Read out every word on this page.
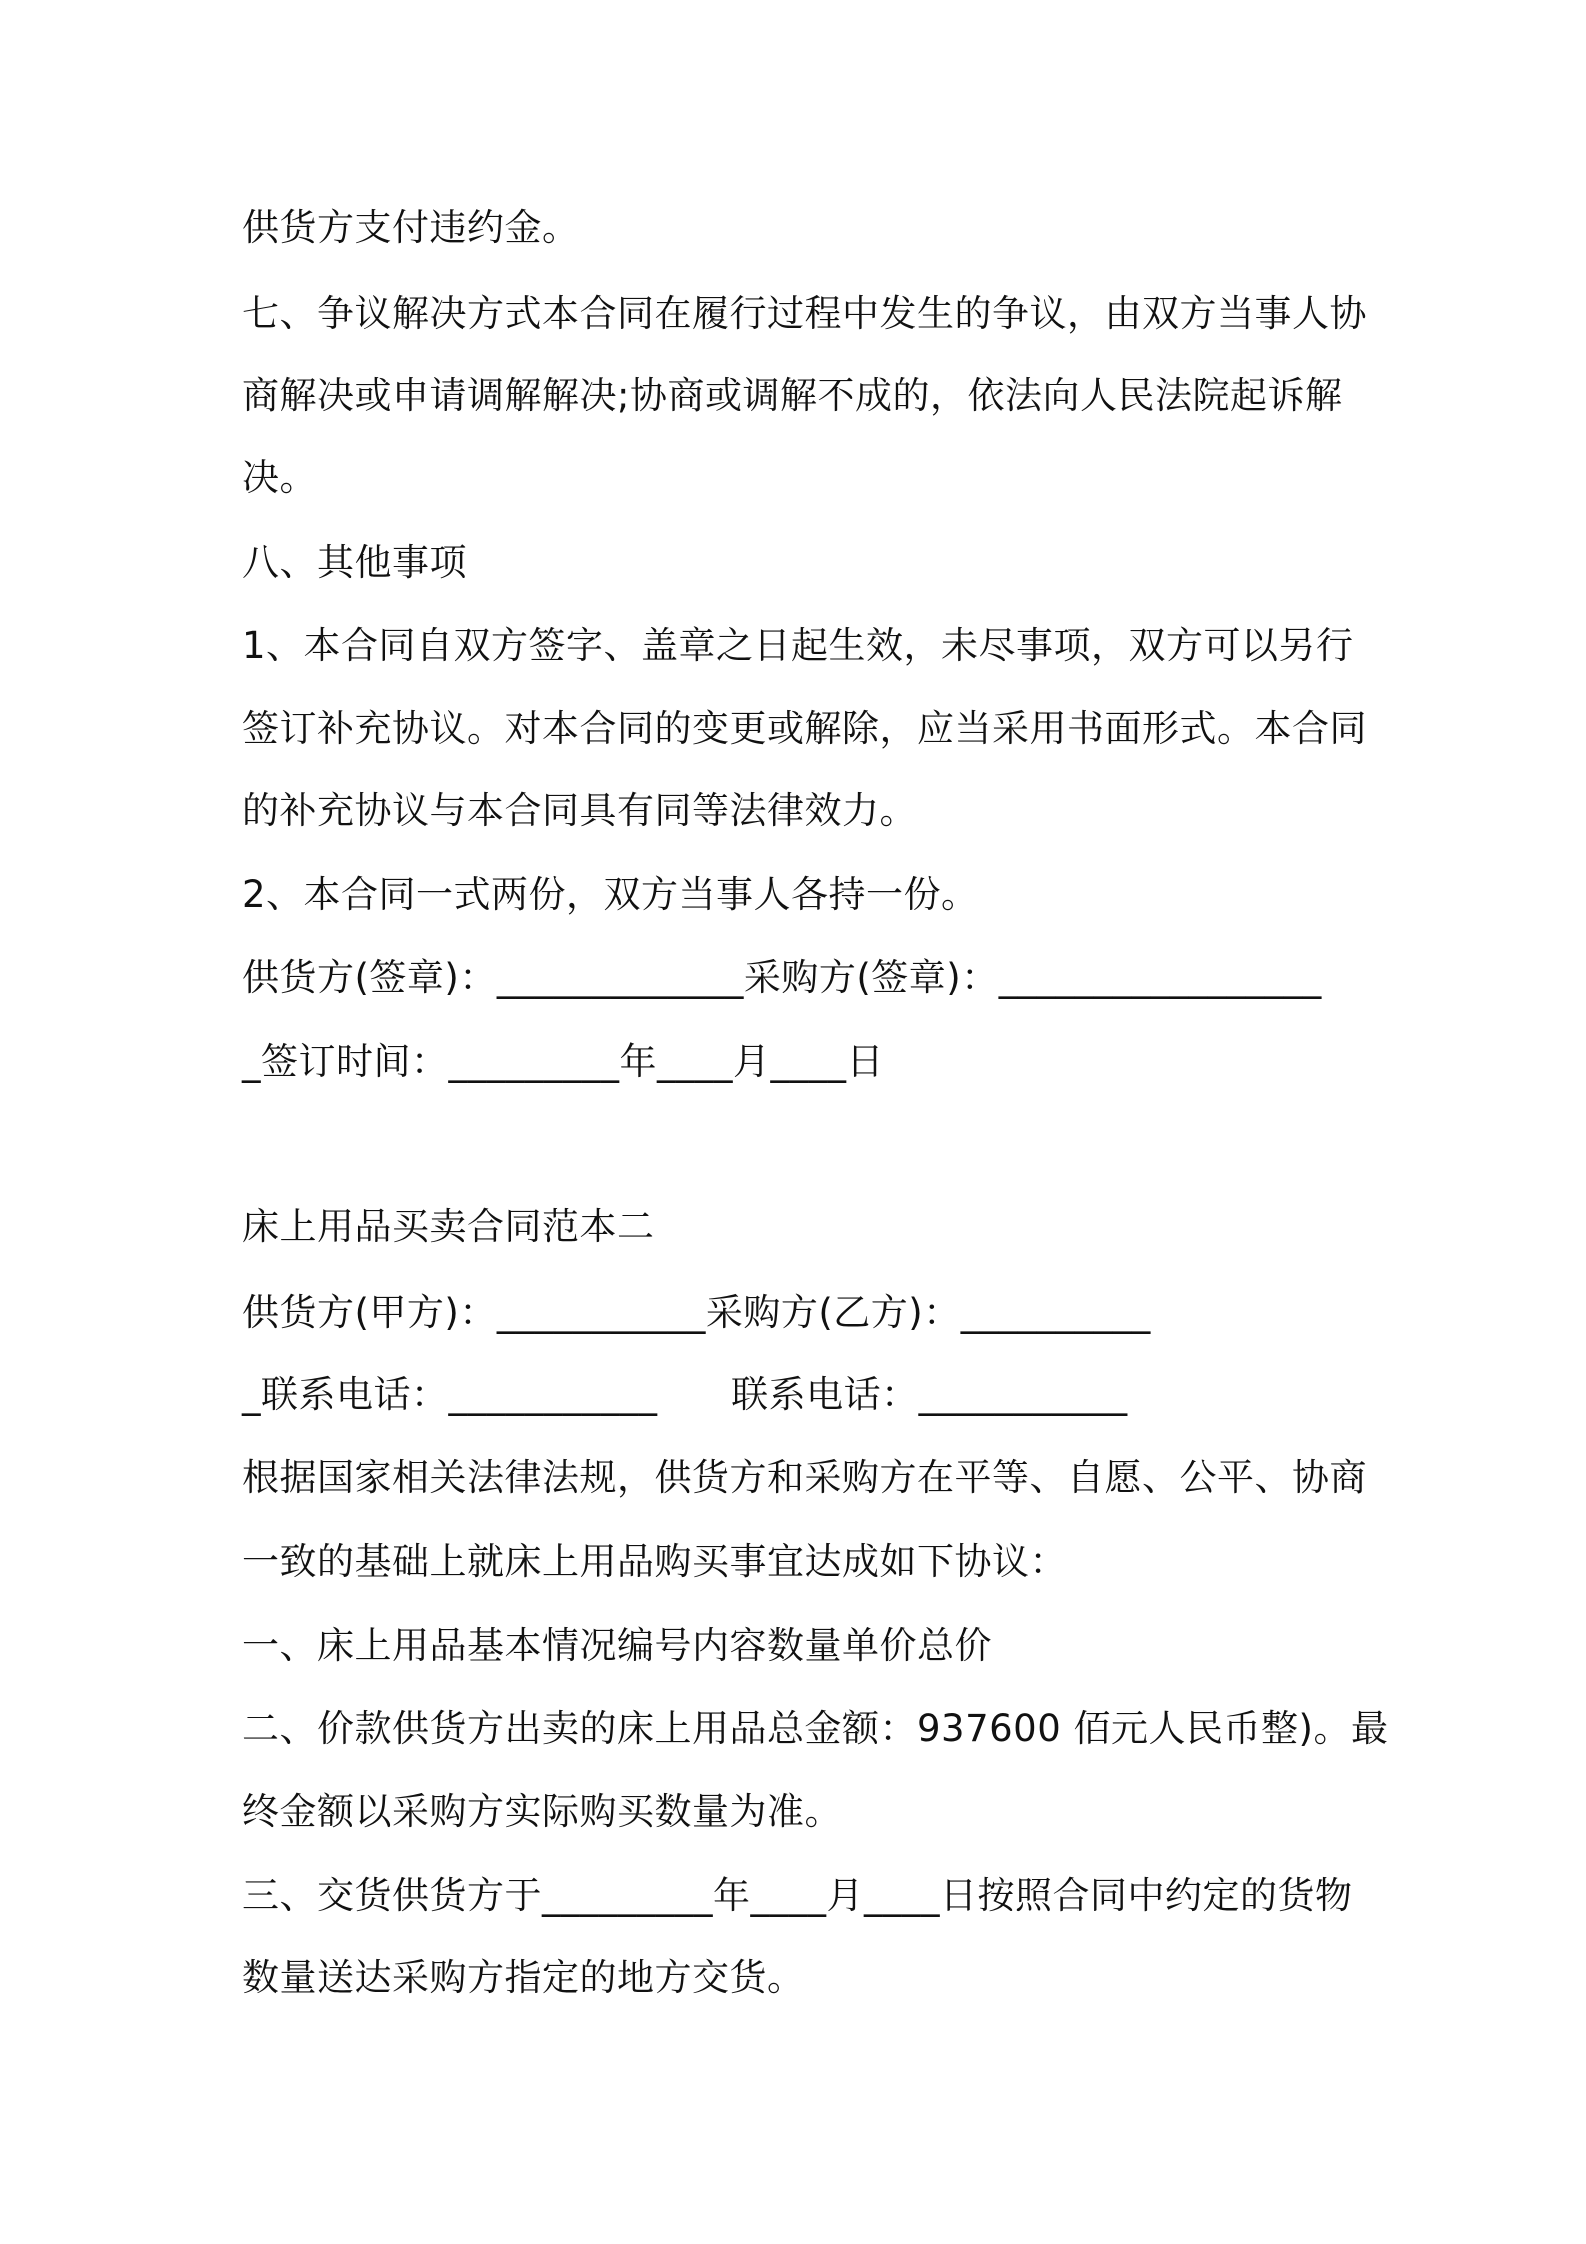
供货方支付违约金。
七、争议解决方式本合同在履行过程中发生的争议，由双方当事人协
商解决或申请调解解决;协商或调解不成的，依法向人民法院起诉解
决。
八、其他事项
1、本合同自双方签字、盖章之日起生效，未尽事项，双方可以另行
签订补充协议。对本合同的变更或解除，应当采用书面形式。本合同
的补充协议与本合同具有同等法律效力。
2、本合同一式两份，双方当事人各持一份。
供货方(签章)：_____________采购方(签章)：_________________
_签订时间：_________年____月____日
床上用品买卖合同范本二
供货方(甲方)：___________采购方(乙方)：__________
_联系电话：___________      联系电话：___________
根据国家相关法律法规，供货方和采购方在平等、自愿、公平、协商
一致的基础上就床上用品购买事宜达成如下协议：
一、床上用品基本情况编号内容数量单价总价
二、价款供货方出卖的床上用品总金额：937600 佰元人民币整)。最
终金额以采购方实际购买数量为准。
三、交货供货方于_________年____月____日按照合同中约定的货物
数量送达采购方指定的地方交货。
